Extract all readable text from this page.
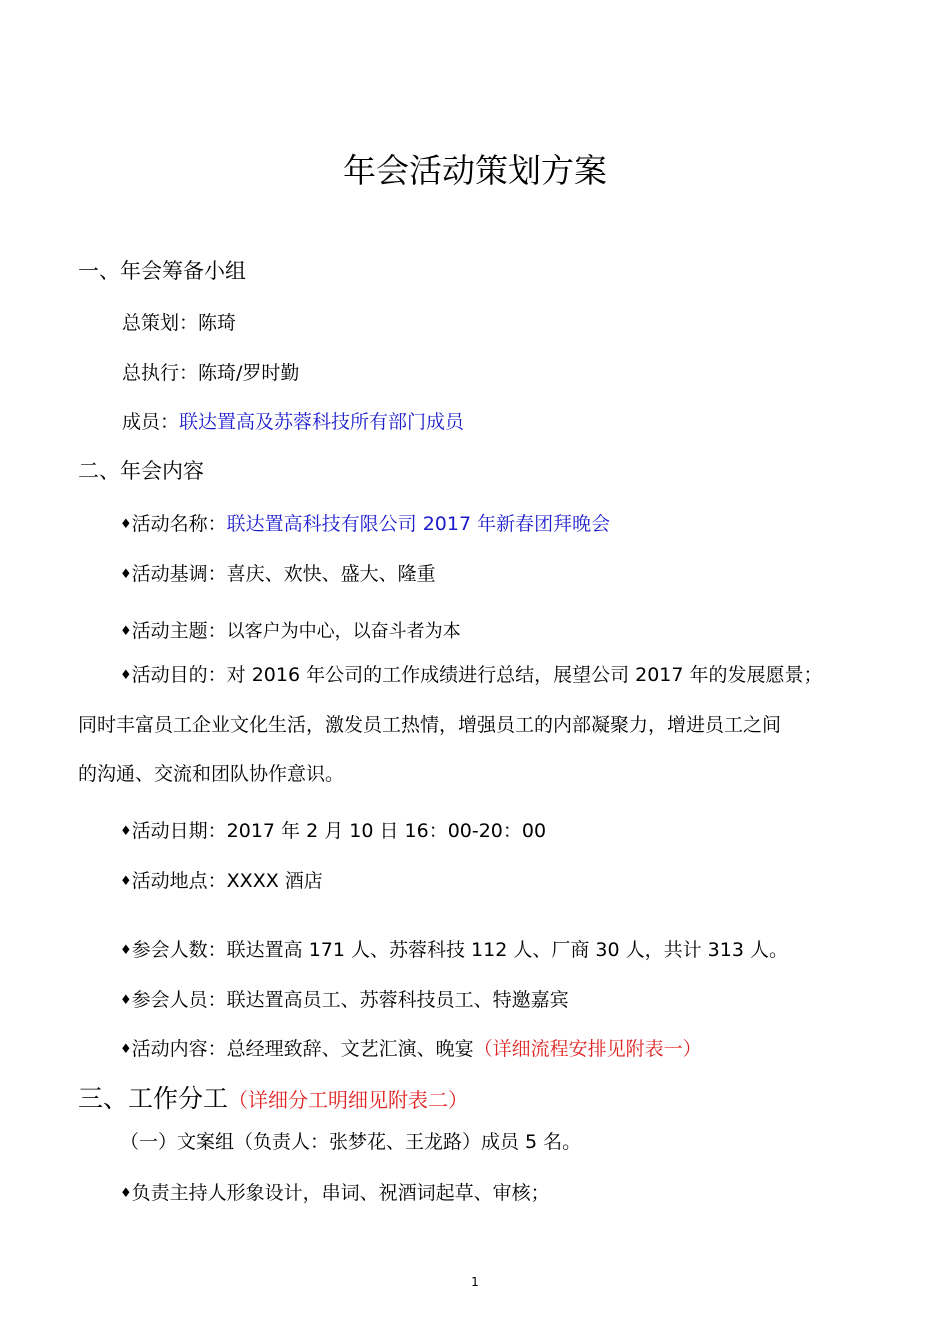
年会活动策划方案
一、年会筹备小组
总策划：陈琦
总执行：陈琦/罗时勤
成员：联达置高及苏蓉科技所有部门成员
二、年会内容
♦活动名称：联达置高科技有限公司 2017 年新春团拜晚会
♦活动基调：喜庆、欢快、盛大、隆重
♦活动主题：以客户为中心，以奋斗者为本
♦活动目的：对 2016 年公司的工作成绩进行总结，展望公司 2017 年的发展愿景；
同时丰富员工企业文化生活，激发员工热情，增强员工的内部凝聚力，增进员工之间
的沟通、交流和团队协作意识。
♦活动日期：2017 年 2 月 10 日 16：00-20：00
♦活动地点：XXXX 酒店
♦参会人数：联达置高 171 人、苏蓉科技 112 人、厂商 30 人，共计 313 人。
♦参会人员：联达置高员工、苏蓉科技员工、特邀嘉宾
♦活动内容：总经理致辞、文艺汇演、晚宴（详细流程安排见附表一）
三、工作分工（详细分工明细见附表二）
（一）文案组（负责人：张梦花、王龙路）成员 5 名。
♦负责主持人形象设计，串词、祝酒词起草、审核；
1
